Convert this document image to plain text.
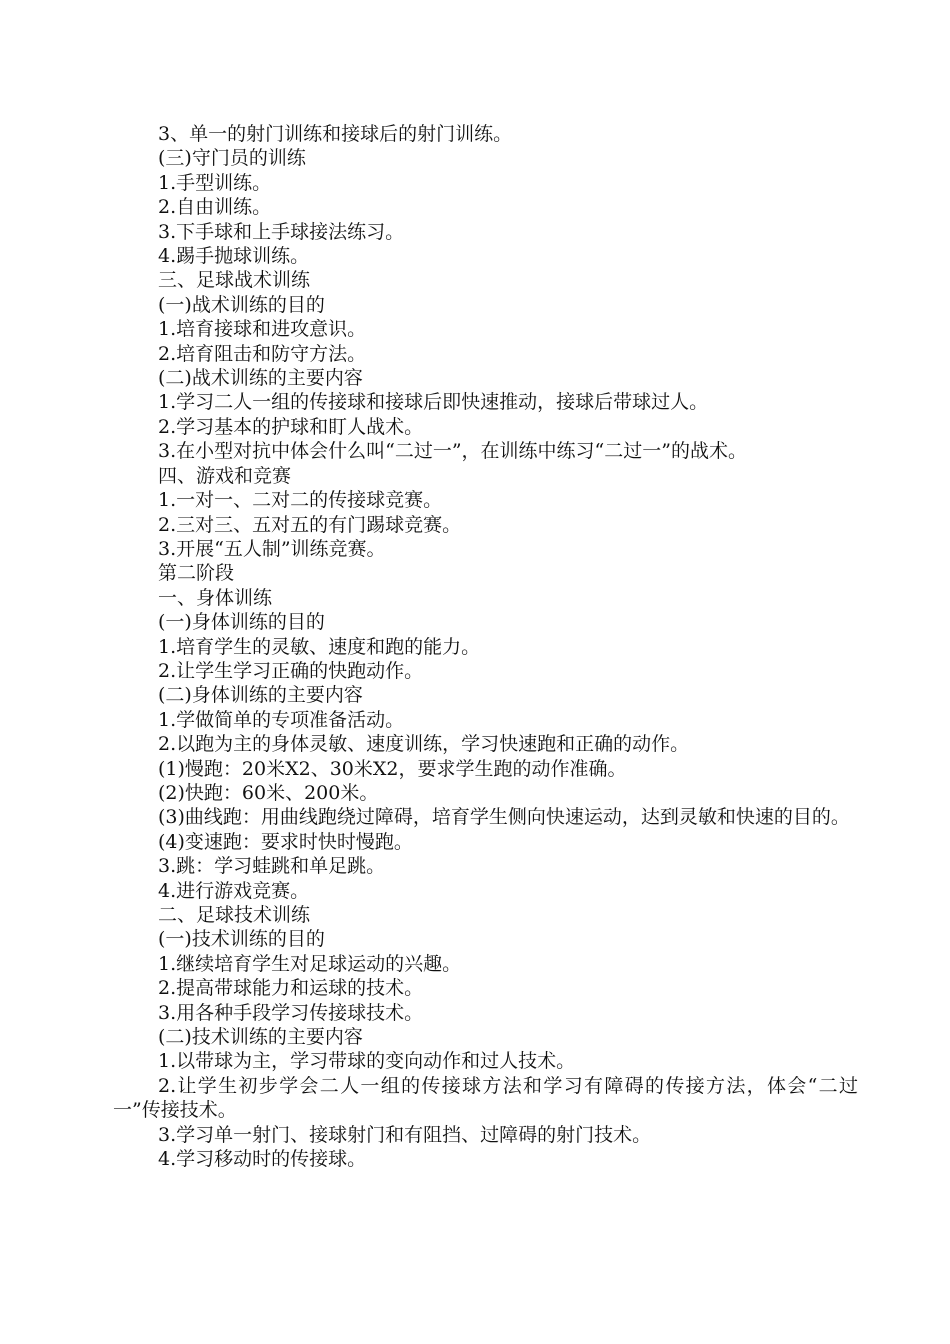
3、单一的射门训练和接球后的射门训练。

(三)守门员的训练

1.手型训练。

2.自由训练。

3.下手球和上手球接法练习。

4.踢手抛球训练。

三、足球战术训练

(一)战术训练的目的

1.培育接球和进攻意识。

2.培育阻击和防守方法。

(二)战术训练的主要内容

1.学习二人一组的传接球和接球后即快速推动，接球后带球过人。

2.学习基本的护球和盯人战术。

3.在小型对抗中体会什么叫“二过一”，在训练中练习“二过一”的战术。

四、游戏和竞赛

1.一对一、二对二的传接球竞赛。

2.三对三、五对五的有门踢球竞赛。

3.开展“五人制”训练竞赛。

第二阶段

一、身体训练

(一)身体训练的目的

1.培育学生的灵敏、速度和跑的能力。

2.让学生学习正确的快跑动作。

(二)身体训练的主要内容

1.学做简单的专项准备活动。

2.以跑为主的身体灵敏、速度训练，学习快速跑和正确的动作。

(1)慢跑：20米X2、30米X2，要求学生跑的动作准确。

(2)快跑：60米、200米。

(3)曲线跑：用曲线跑绕过障碍，培育学生侧向快速运动，达到灵敏和快速的目的。

(4)变速跑：要求时快时慢跑。

3.跳：学习蛙跳和单足跳。

4.进行游戏竞赛。

二、足球技术训练

(一)技术训练的目的

1.继续培育学生对足球运动的兴趣。

2.提高带球能力和运球的技术。

3.用各种手段学习传接球技术。

(二)技术训练的主要内容

1.以带球为主，学习带球的变向动作和过人技术。

2.让学生初步学会二人一组的传接球方法和学习有障碍的传接方法，体会“二过一”传接技术。

3.学习单一射门、接球射门和有阻挡、过障碍的射门技术。

4.学习移动时的传接球。
